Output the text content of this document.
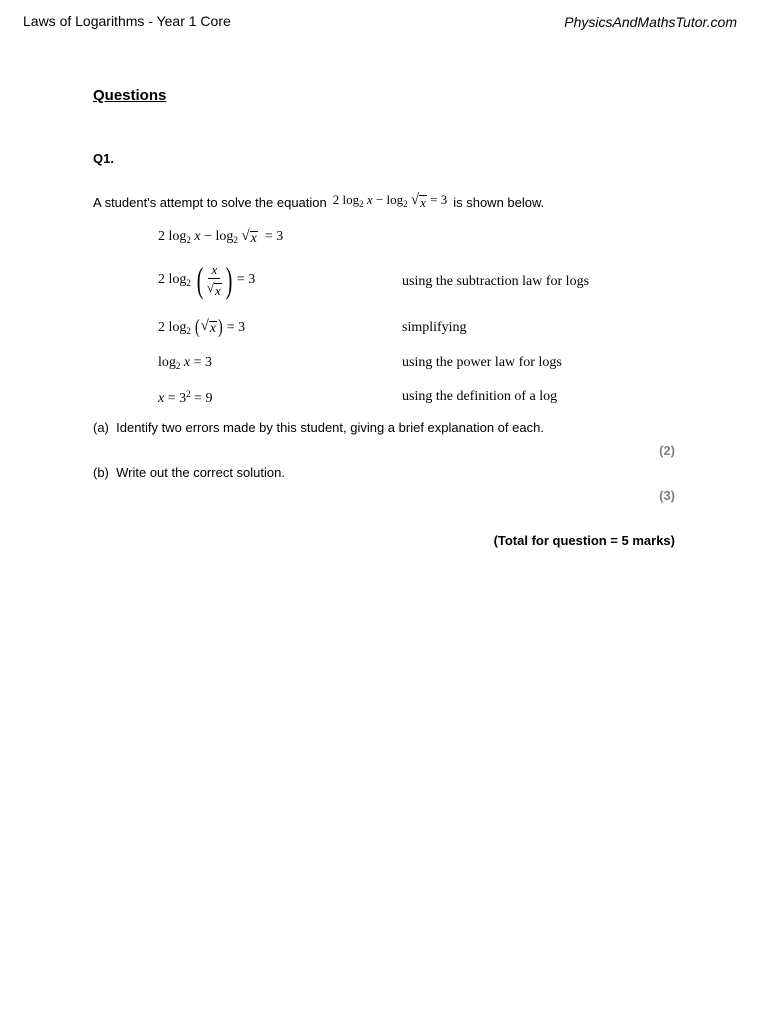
Laws of Logarithms - Year 1 Core	PhysicsAndMathsTutor.com
Questions
Q1.
A student's attempt to solve the equation 2 $\log_2 x - \log_2$ √ x = 3 is shown below.
2 $\log_2 x - \log_2$ √ x = 3
2 $\log_2$ ( $\frac{x}{√ x}$ ) = 3	using the subtraction law for logs
2 $\log_2$ ( √ x ) = 3	simplifying
$\log_2 x = 3$	using the power law for logs
$x = 3^2 = 9$	using the definition of a log
(a) Identify two errors made by this student, giving a brief explanation of each.
(2)
(b) Write out the correct solution.
(3)
(Total for question = 5 marks)
